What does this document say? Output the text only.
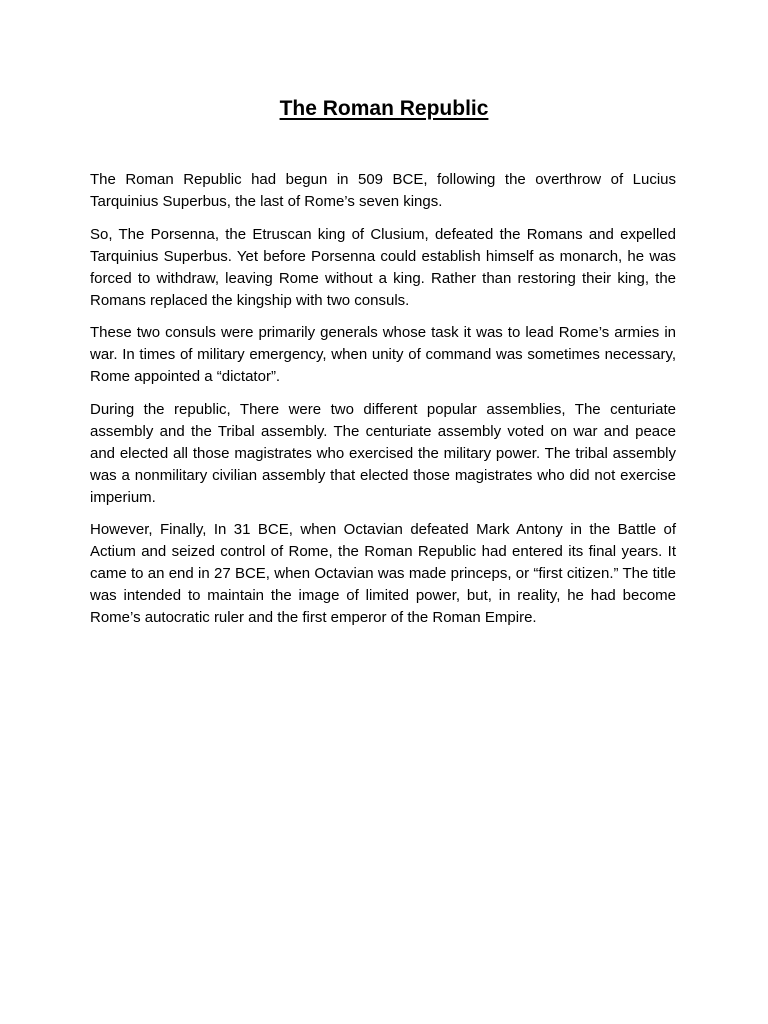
The Roman Republic

The Roman Republic had begun in 509 BCE, following the overthrow of Lucius Tarquinius Superbus, the last of Rome’s seven kings.

So, The Porsenna, the Etruscan king of Clusium, defeated the Romans and expelled Tarquinius Superbus. Yet before Porsenna could establish himself as monarch, he was forced to withdraw, leaving Rome without a king. Rather than restoring their king, the Romans replaced the kingship with two consuls.

These two consuls were primarily generals whose task it was to lead Rome’s armies in war. In times of military emergency, when unity of command was sometimes necessary, Rome appointed a “dictator”.

During the republic, There were two different popular assemblies, The centuriate assembly and the Tribal assembly. The centuriate assembly voted on war and peace and elected all those magistrates who exercised the military power. The tribal assembly was a nonmilitary civilian assembly that elected those magistrates who did not exercise imperium.

However, Finally, In 31 BCE, when Octavian defeated Mark Antony in the Battle of Actium and seized control of Rome, the Roman Republic had entered its final years. It came to an end in 27 BCE, when Octavian was made princeps, or “first citizen.” The title was intended to maintain the image of limited power, but, in reality, he had become Rome’s autocratic ruler and the first emperor of the Roman Empire.
